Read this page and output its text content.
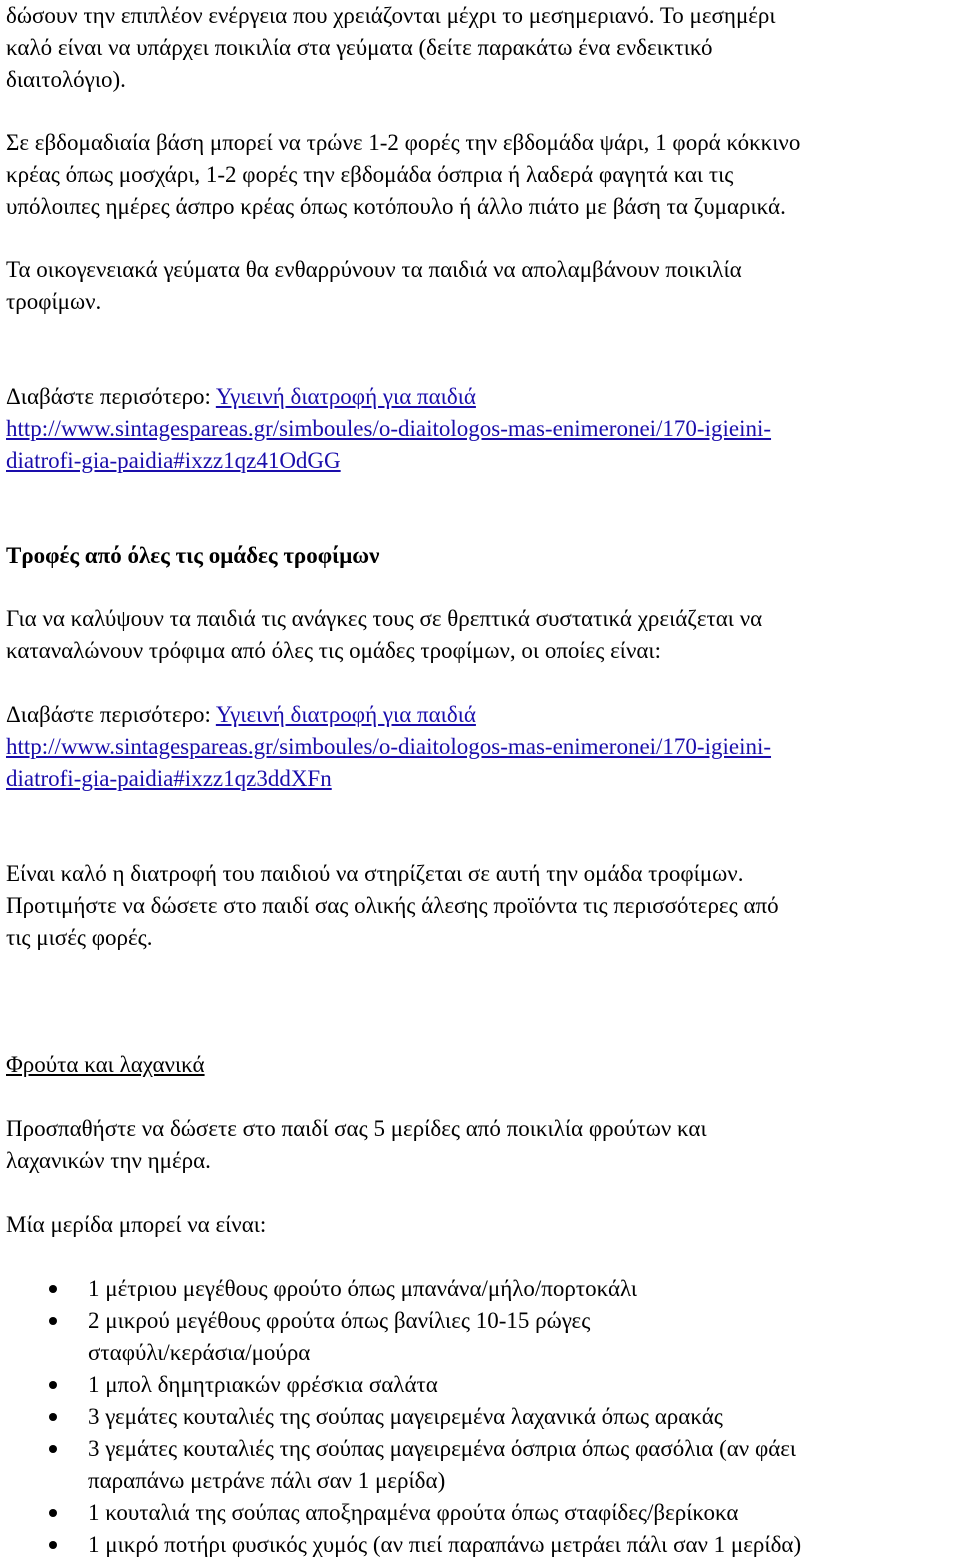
δώσουν την επιπλέον ενέργεια που χρειάζονται μέχρι το μεσημεριανό. Το μεσημέρι
καλό είναι να υπάρχει ποικιλία στα γεύματα (δείτε παρακάτω ένα ενδεικτικό
διαιτολόγιο).

Σε εβδομαδιαία βάση μπορεί να τρώνε 1-2 φορές την εβδομάδα ψάρι, 1 φορά κόκκινο
κρέας όπως μοσχάρι, 1-2 φορές την εβδομάδα όσπρια ή λαδερά φαγητά και τις
υπόλοιπες ημέρες άσπρο κρέας όπως κοτόπουλο ή άλλο πιάτο με βάση τα ζυμαρικά.

Τα οικογενειακά γεύματα θα ενθαρρύνουν τα παιδιά να απολαμβάνουν ποικιλία
τροφίμων.

Διαβάστε περισότερο: Υγιεινή διατροφή για παιδιά
http://www.sintagespareas.gr/simboules/o-diaitologos-mas-enimeronei/170-igieini-
diatrofi-gia-paidia#ixzz1qz41OdGG

Τροφές από όλες τις ομάδες τροφίμων

Για να καλύψουν τα παιδιά τις ανάγκες τους σε θρεπτικά συστατικά χρειάζεται να
καταναλώνουν τρόφιμα από όλες τις ομάδες τροφίμων, οι οποίες είναι:

Διαβάστε περισότερο: Υγιεινή διατροφή για παιδιά
http://www.sintagespareas.gr/simboules/o-diaitologos-mas-enimeronei/170-igieini-
diatrofi-gia-paidia#ixzz1qz3ddXFn

Είναι καλό η διατροφή του παιδιού να στηρίζεται σε αυτή την ομάδα τροφίμων.
Προτιμήστε να δώσετε στο παιδί σας ολικής άλεσης προϊόντα τις περισσότερες από
τις μισές φορές.

Φρούτα και λαχανικά

Προσπαθήστε να δώσετε στο παιδί σας 5 μερίδες από ποικιλία φρούτων και
λαχανικών την ημέρα.

Μία μερίδα μπορεί να είναι:

1 μέτριου μεγέθους φρούτο όπως μπανάνα/μήλο/πορτοκάλι
2 μικρού μεγέθους φρούτα όπως βανίλιες 10-15 ρώγες
σταφύλι/κεράσια/μούρα
1 μπολ δημητριακών φρέσκια σαλάτα
3 γεμάτες κουταλιές της σούπας μαγειρεμένα λαχανικά όπως αρακάς
3 γεμάτες κουταλιές της σούπας μαγειρεμένα όσπρια όπως φασόλια (αν φάει
παραπάνω μετράνε πάλι σαν 1 μερίδα)
1 κουταλιά της σούπας αποξηραμένα φρούτα όπως σταφίδες/βερίκοκα
1 μικρό ποτήρι φυσικός χυμός (αν πιεί παραπάνω μετράει πάλι σαν 1 μερίδα)
